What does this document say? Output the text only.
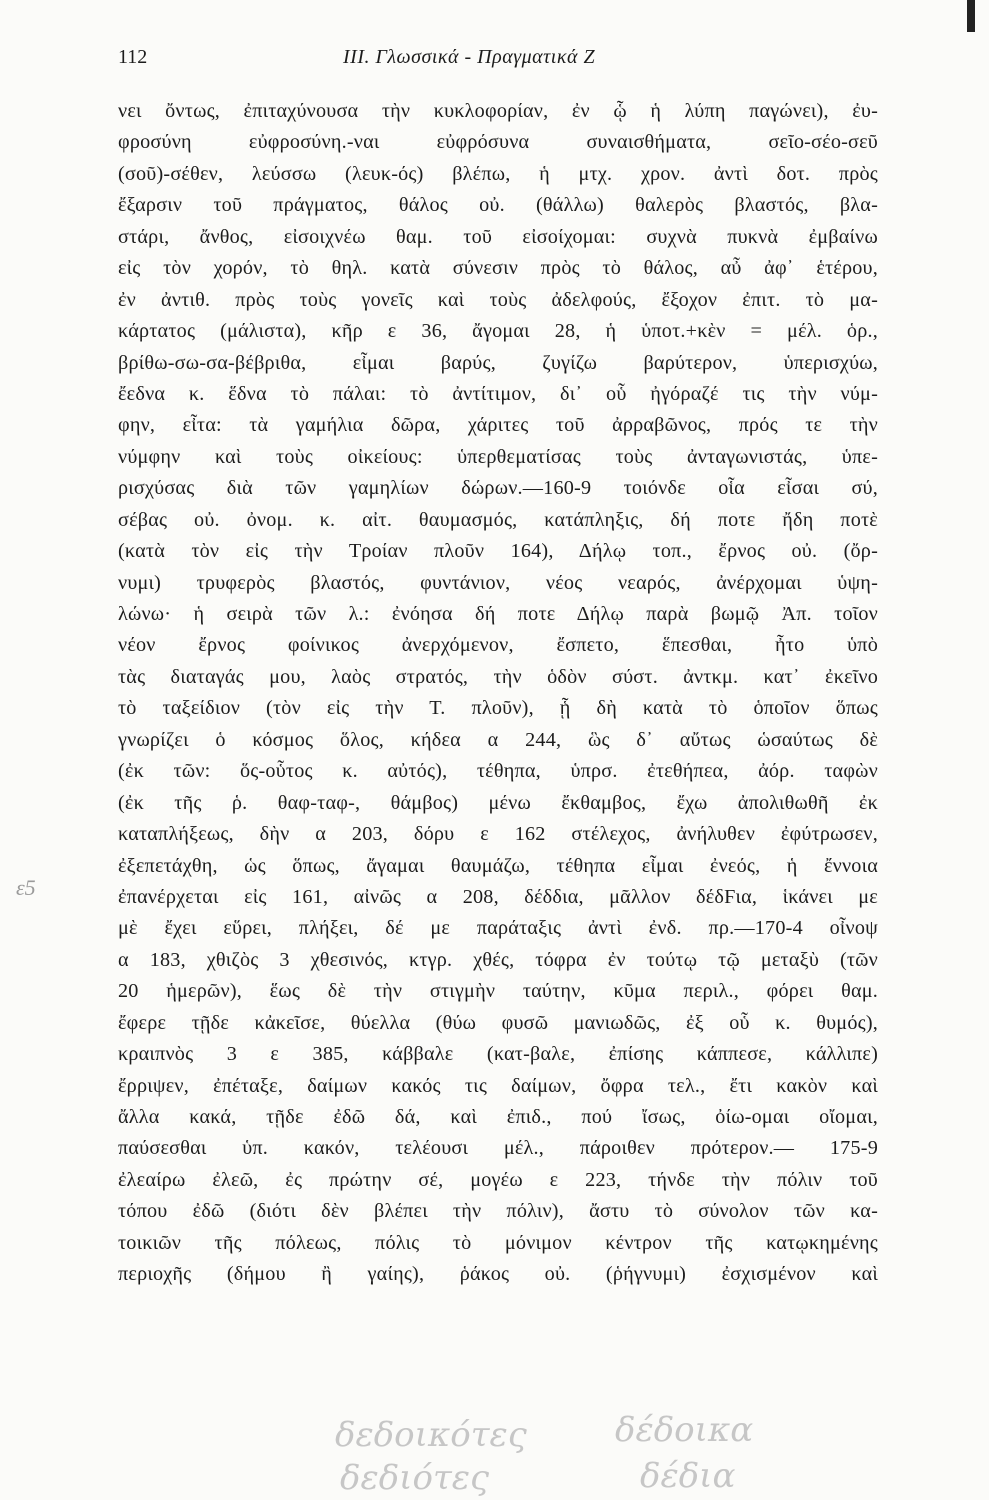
112	III. Γλωσσικά - Πραγματικά Ζ
νει ὄντως, ἐπιταχύνουσα τὴν κυκλοφορίαν, ἐν ᾧ ἡ λύπη παγώνει), ἐυ-
φροσύνη εὐφροσύνη.-ναι εὐφρόσυνα συναισθήματα, σεῖο-σέο-σεῦ
(σοῦ)-σέθεν, λεύσσω (λευκ-ός) βλέπω, ἡ μτχ. χρον. ἀντὶ δοτ. πρὸς
ἔξαρσιν τοῦ πράγματος, θάλος οὐ. (θάλλω) θαλερὸς βλαστός, βλα-
στάρι, ἄνθος, εἰσοιχνέω θαμ. τοῦ εἰσοίχομαι: συχνὰ πυκνὰ ἐμβαίνω
εἰς τὸν χορόν, τὸ θηλ. κατὰ σύνεσιν πρὸς τὸ θάλος, αὖ ἀφ᾽ ἑτέρου,
ἐν ἀντιθ. πρὸς τοὺς γονεῖς καὶ τοὺς ἀδελφούς, ἔξοχον ἐπιτ. τὸ μα-
κάρτατος (μάλιστα), κῆρ ε 36, ἄγομαι 28, ἡ ὑποτ.+κὲν = μέλ. ὁρ.,
βρίθω-σω-σα-βέβριθα, εἶμαι βαρύς, ζυγίζω βαρύτερον, ὑπερισχύω,
ἔεδνα κ. ἕδνα τὸ πάλαι: τὸ ἀντίτιμον, δι᾽ οὗ ἠγόραζέ τις τὴν νύμ-
φην, εἶτα: τὰ γαμήλια δῶρα, χάριτες τοῦ ἀρραβῶνος, πρός τε τὴν
νύμφην καὶ τοὺς οἰκείους: ὑπερθεματίσας τοὺς ἀνταγωνιστάς, ὑπε-
ρισχύσας διὰ τῶν γαμηλίων δώρων.—160-9 τοιόνδε οἷα εἶσαι σύ,
σέβας οὐ. ὀνομ. κ. αἰτ. θαυμασμός, κατάπληξις, δή ποτε ἤδη ποτὲ
(κατὰ τὸν εἰς τὴν Τροίαν πλοῦν 164), Δήλῳ τοπ., ἔρνος οὐ. (ὄρ-
νυμι) τρυφερὸς βλαστός, φυντάνιον, νέος νεαρός, ἀνέρχομαι ὑψη-
λώνω· ἡ σειρὰ τῶν λ.: ἐνόησα δή ποτε Δήλῳ παρὰ βωμῷ Ἀπ. τοῖον
νέον ἔρνος φοίνικος ἀνερχόμενον, ἔσπετο, ἕπεσθαι, ἦτο ὑπὸ
τὰς διαταγάς μου, λαὸς στρατός, τὴν ὁδὸν σύστ. ἀντκμ. κατ᾽ ἐκεῖνο
τὸ ταξείδιον (τὸν εἰς τὴν Τ. πλοῦν), ᾗ δὴ κατὰ τὸ ὁποῖον ὅπως
γνωρίζει ὁ κόσμος ὅλος, κήδεα α 244, ὣς δ᾽ αὔτως ὡσαύτως δὲ
(ἐκ τῶν: ὅς-οὗτος κ. αὐτός), τέθηπα, ὑπρσ. ἐτεθήπεα, ἀόρ. ταφὼν
(ἐκ τῆς ῥ. θαφ-ταφ-, θάμβος) μένω ἔκθαμβος, ἔχω ἀπολιθωθῆ ἐκ
καταπλήξεως, δὴν α 203, δόρυ ε 162 στέλεχος, ἀνήλυθεν ἐφύτρωσεν,
ἐξεπετάχθη, ὡς ὅπως, ἄγαμαι θαυμάζω, τέθηπα εἶμαι ἐνεός, ἡ ἔννοια
ἐπανέρχεται εἰς 161, αἰνῶς α 208, δέδδια, μᾶλλον δέδϜια, ἱκάνει με
μὲ ἔχει εὕρει, πλήξει, δέ με παράταξις ἀντὶ ἐνδ. πρ.—170-4 οἶνοψ
α 183, χθιζὸς 3 χθεσινός, κτγρ. χθές, τόφρα ἐν τούτῳ τῷ μεταξὺ (τῶν
20 ἡμερῶν), ἕως δὲ τὴν στιγμὴν ταύτην, κῦμα περιλ., φόρει θαμ.
ἔφερε τῇδε κἀκεῖσε, θύελλα (θύω φυσῶ μανιωδῶς, ἐξ οὗ κ. θυμός),
κραιπνὸς 3 ε 385, κάββαλε (κατ-βαλε, ἐπίσης κάππεσε, κάλλιπε)
ἔρριψεν, ἐπέταξε, δαίμων κακός τις δαίμων, ὄφρα τελ., ἔτι κακὸν καὶ
ἄλλα κακά, τῇδε ἐδῶ δά, καὶ ἐπιδ., πού ἴσως, ὀίω-ομαι οἴομαι,
παύσεσθαι ὑπ. κακόν, τελέουσι μέλ., πάροιθεν πρότερον.— 175-9
ἐλεαίρω ἐλεῶ, ἐς πρώτην σέ, μογέω ε 223, τήνδε τὴν πόλιν τοῦ
τόπου ἐδῶ (διότι δὲν βλέπει τὴν πόλιν), ἄστυ τὸ σύνολον τῶν κα-
τοικιῶν τῆς πόλεως, πόλις τὸ μόνιμον κέντρον τῆς κατῳκημένης
περιοχῆς (δήμου ἢ γαίης), ῥάκος οὐ. (ῥήγνυμι) ἐσχισμένον καὶ
ε5
δεδοικότες	δέδοικα
δεδιότες	δέδια
